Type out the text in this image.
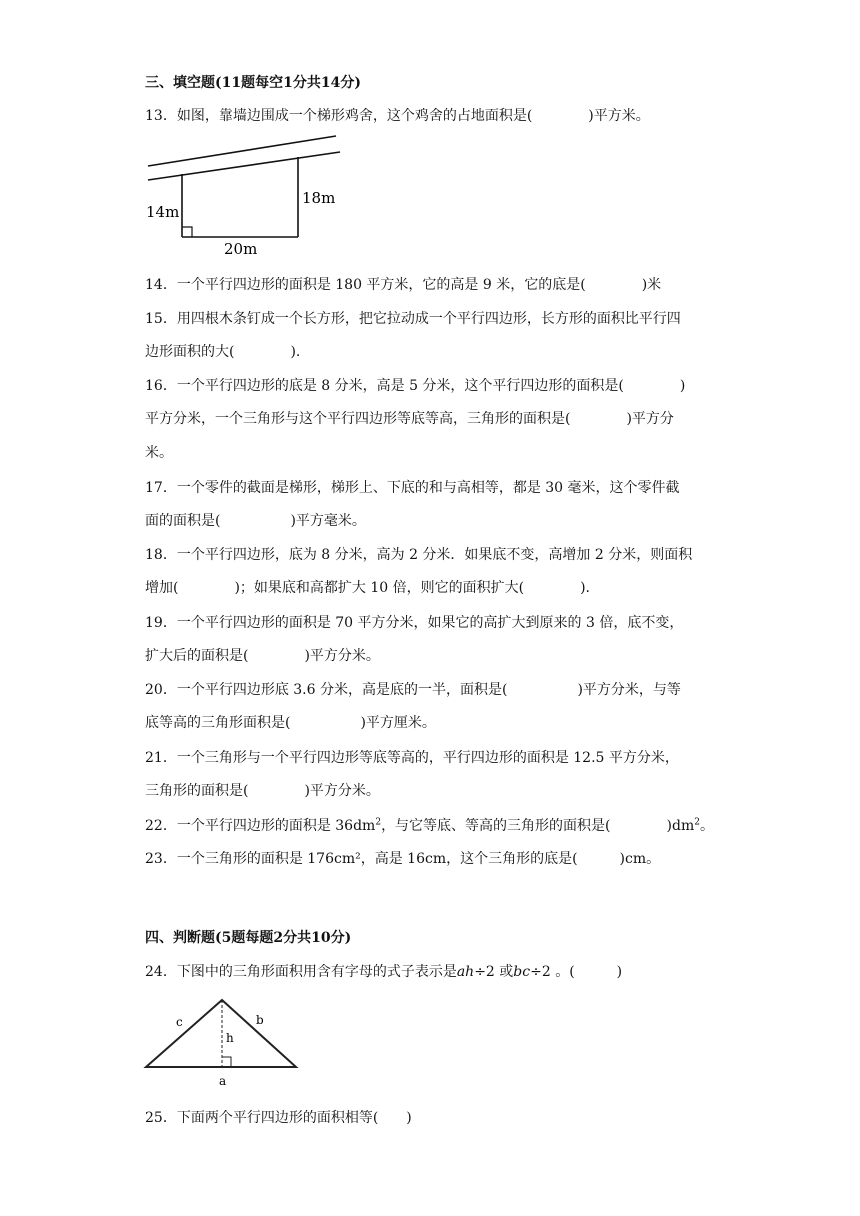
三、填空题(11题每空1分共14分)
13．如图，靠墙边围成一个梯形鸡舍，这个鸡舍的占地面积是(　　　　)平方米。
14m
18m
20m
14．一个平行四边形的面积是 180 平方米，它的高是 9 米，它的底是(　　　　)米
15．用四根木条钉成一个长方形，把它拉动成一个平行四边形，长方形的面积比平行四
边形面积的大(　　　　).
16．一个平行四边形的底是 8 分米，高是 5 分米，这个平行四边形的面积是(　　　　)
平方分米，一个三角形与这个平行四边形等底等高，三角形的面积是(　　　　)平方分
米。
17．一个零件的截面是梯形，梯形上、下底的和与高相等，都是 30 毫米，这个零件截
面的面积是(　　　　　)平方毫米。
18．一个平行四边形，底为 8 分米，高为 2 分米．如果底不变，高增加 2 分米，则面积
增加(　　　　)；如果底和高都扩大 10 倍，则它的面积扩大(　　　　).
19．一个平行四边形的面积是 70 平方分米，如果它的高扩大到原来的 3 倍，底不变，
扩大后的面积是(　　　　)平方分米。
20．一个平行四边形底 3.6 分米，高是底的一半，面积是(　　　　　)平方分米，与等
底等高的三角形面积是(　　　　　)平方厘米。
21．一个三角形与一个平行四边形等底等高的，平行四边形的面积是 12.5 平方分米，
三角形的面积是(　　　　)平方分米。
22．一个平行四边形的面积是 $36dm^2$，与它等底、等高的三角形的面积是(　　　　)$dm^2$。
23．一个三角形的面积是 176cm²，高是 16cm，这个三角形的底是(　　　)cm。
四、判断题(5题每题2分共10分)
24．下图中的三角形面积用含有字母的式子表示是ah÷2 或bc÷2 。(　　　)
c	b
h
a
25．下面两个平行四边形的面积相等(　　)
